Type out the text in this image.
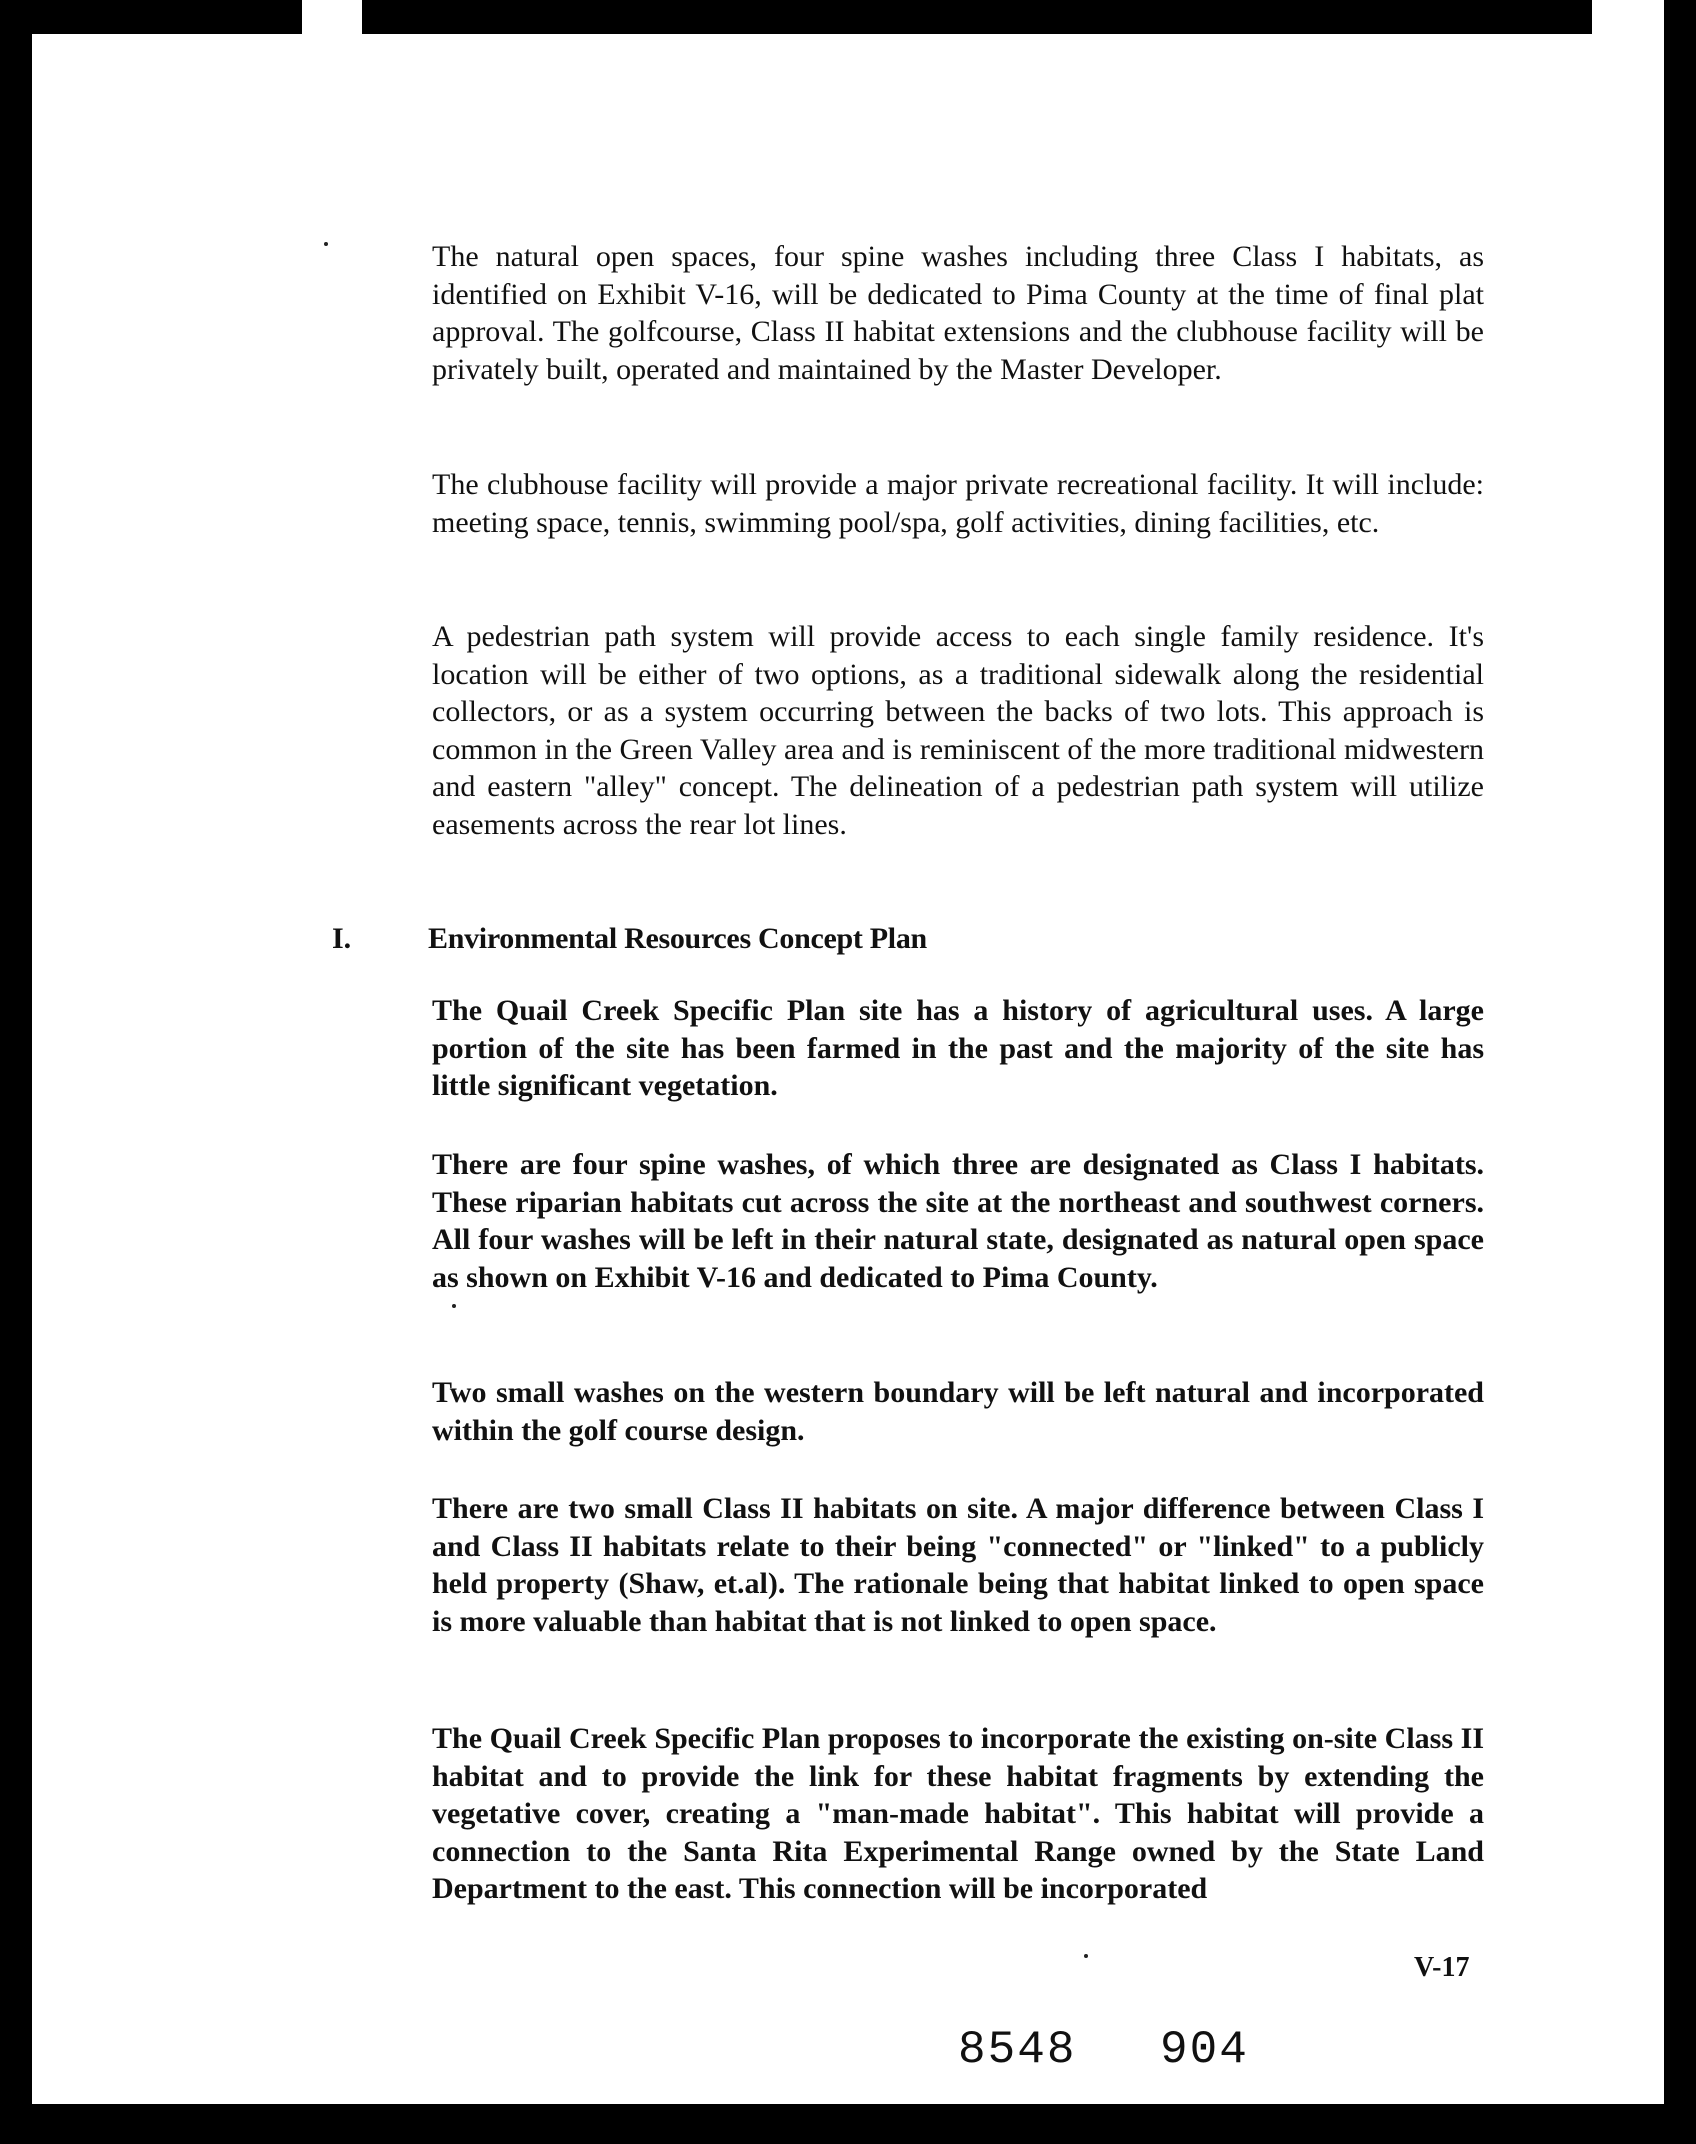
The natural open spaces, four spine washes including three Class I habitats, as identified on Exhibit V-16, will be dedicated to Pima County at the time of final plat approval. The golfcourse, Class II habitat extensions and the clubhouse facility will be privately built, operated and maintained by the Master Developer.

The clubhouse facility will provide a major private recreational facility. It will include: meeting space, tennis, swimming pool/spa, golf activities, dining facilities, etc.

A pedestrian path system will provide access to each single family residence. It's location will be either of two options, as a traditional sidewalk along the residential collectors, or as a system occurring between the backs of two lots. This approach is common in the Green Valley area and is reminiscent of the more traditional midwestern and eastern "alley" concept. The delineation of a pedestrian path system will utilize easements across the rear lot lines.

I.	Environmental Resources Concept Plan

The Quail Creek Specific Plan site has a history of agricultural uses. A large portion of the site has been farmed in the past and the majority of the site has little significant vegetation.

There are four spine washes, of which three are designated as Class I habitats. These riparian habitats cut across the site at the northeast and southwest corners. All four washes will be left in their natural state, designated as natural open space as shown on Exhibit V-16 and dedicated to Pima County.

Two small washes on the western boundary will be left natural and incorporated within the golf course design.

There are two small Class II habitats on site. A major difference between Class I and Class II habitats relate to their being "connected" or "linked" to a publicly held property (Shaw, et.al). The rationale being that habitat linked to open space is more valuable than habitat that is not linked to open space.

The Quail Creek Specific Plan proposes to incorporate the existing on-site Class II habitat and to provide the link for these habitat fragments by extending the vegetative cover, creating a "man-made habitat". This habitat will provide a connection to the Santa Rita Experimental Range owned by the State Land Department to the east. This connection will be incorporated

V-17
8548 904
